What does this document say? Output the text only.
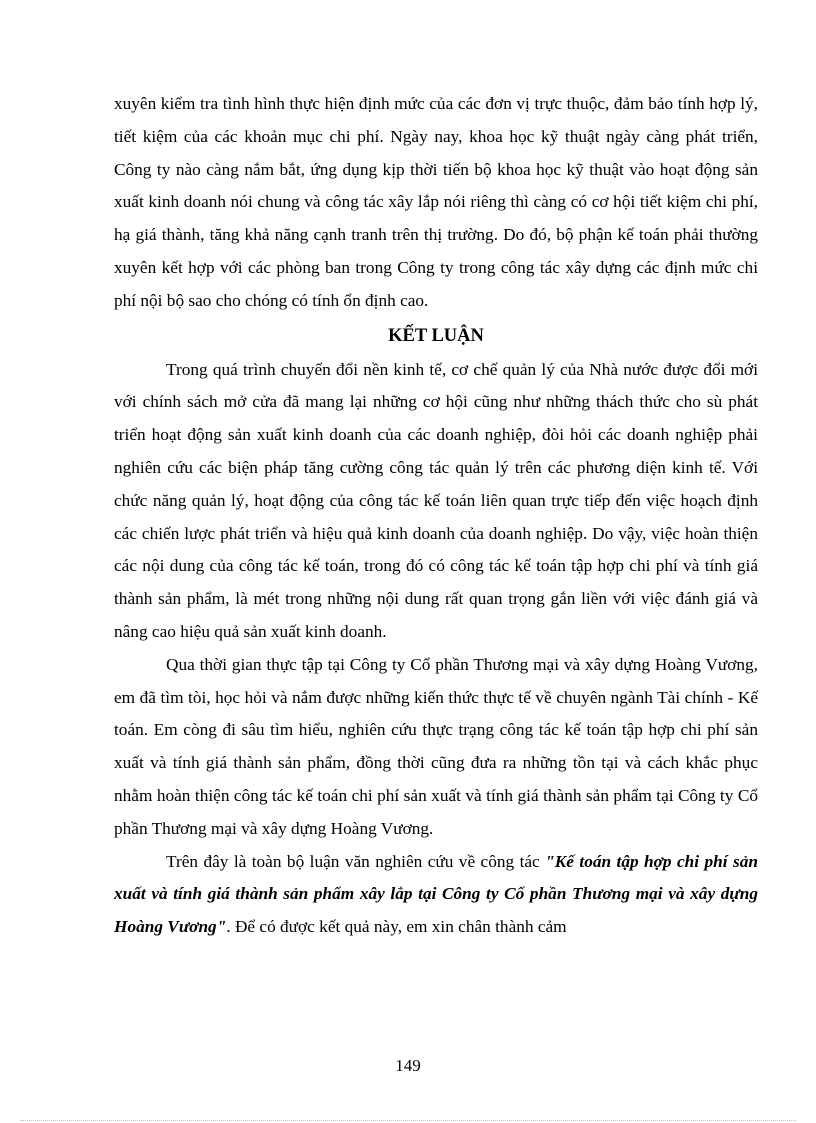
xuyên kiểm tra tình hình thực hiện định mức của các đơn vị trực thuộc, đảm bảo tính hợp lý, tiết kiệm của các khoản mục chi phí. Ngày nay, khoa học kỹ thuật ngày càng phát triển, Công ty nào càng nắm bắt, ứng dụng kịp thời tiến bộ khoa học kỹ thuật vào hoạt động sản xuất kinh doanh nói chung và công tác xây lắp nói riêng thì càng có cơ hội tiết kiệm chi phí, hạ giá thành, tăng khả năng cạnh tranh trên thị trường. Do đó, bộ phận kế toán phải thường xuyên kết hợp với các phòng ban trong Công ty trong công tác xây dựng các định mức chi phí nội bộ sao cho chóng có tính ổn định cao.

KẾT LUẬN

Trong quá trình chuyển đổi nền kinh tế, cơ chế quản lý của Nhà nước được đổi mới với chính sách mở cửa đã mang lại những cơ hội cũng như những thách thức cho sù phát triển hoạt động sản xuất kinh doanh của các doanh nghiệp, đòi hỏi các doanh nghiệp phải nghiên cứu các biện pháp tăng cường công tác quản lý trên các phương diện kinh tế. Với chức năng quản lý, hoạt động của công tác kế toán liên quan trực tiếp đến việc hoạch định các chiến lược phát triển và hiệu quả kinh doanh của doanh nghiệp. Do vậy, việc hoàn thiện các nội dung của công tác kế toán, trong đó có công tác kế toán tập hợp chi phí và tính giá thành sản phẩm, là mét trong những nội dung rất quan trọng gắn liền với việc đánh giá và nâng cao hiệu quả sản xuất kinh doanh.

Qua thời gian thực tập tại Công ty Cổ phần Thương mại và xây dựng Hoàng Vương, em đã tìm tòi, học hỏi và nắm được những kiến thức thực tế về chuyên ngành Tài chính - Kế toán. Em còng đi sâu tìm hiểu, nghiên cứu thực trạng công tác kế toán tập hợp chi phí sản xuất và tính giá thành sản phẩm, đồng thời cũng đưa ra những tồn tại và cách khắc phục nhằm hoàn thiện công tác kế toán chi phí sản xuất và tính giá thành sản phẩm tại Công ty Cổ phần Thương mại và xây dựng Hoàng Vương.

Trên đây là toàn bộ luận văn nghiên cứu về công tác "Kế toán tập hợp chi phí sản xuất và tính giá thành sản phẩm xây lắp tại Công ty Cổ phần Thương mại và xây dựng Hoàng Vương". Để có được kết quả này, em xin chân thành cảm

149
